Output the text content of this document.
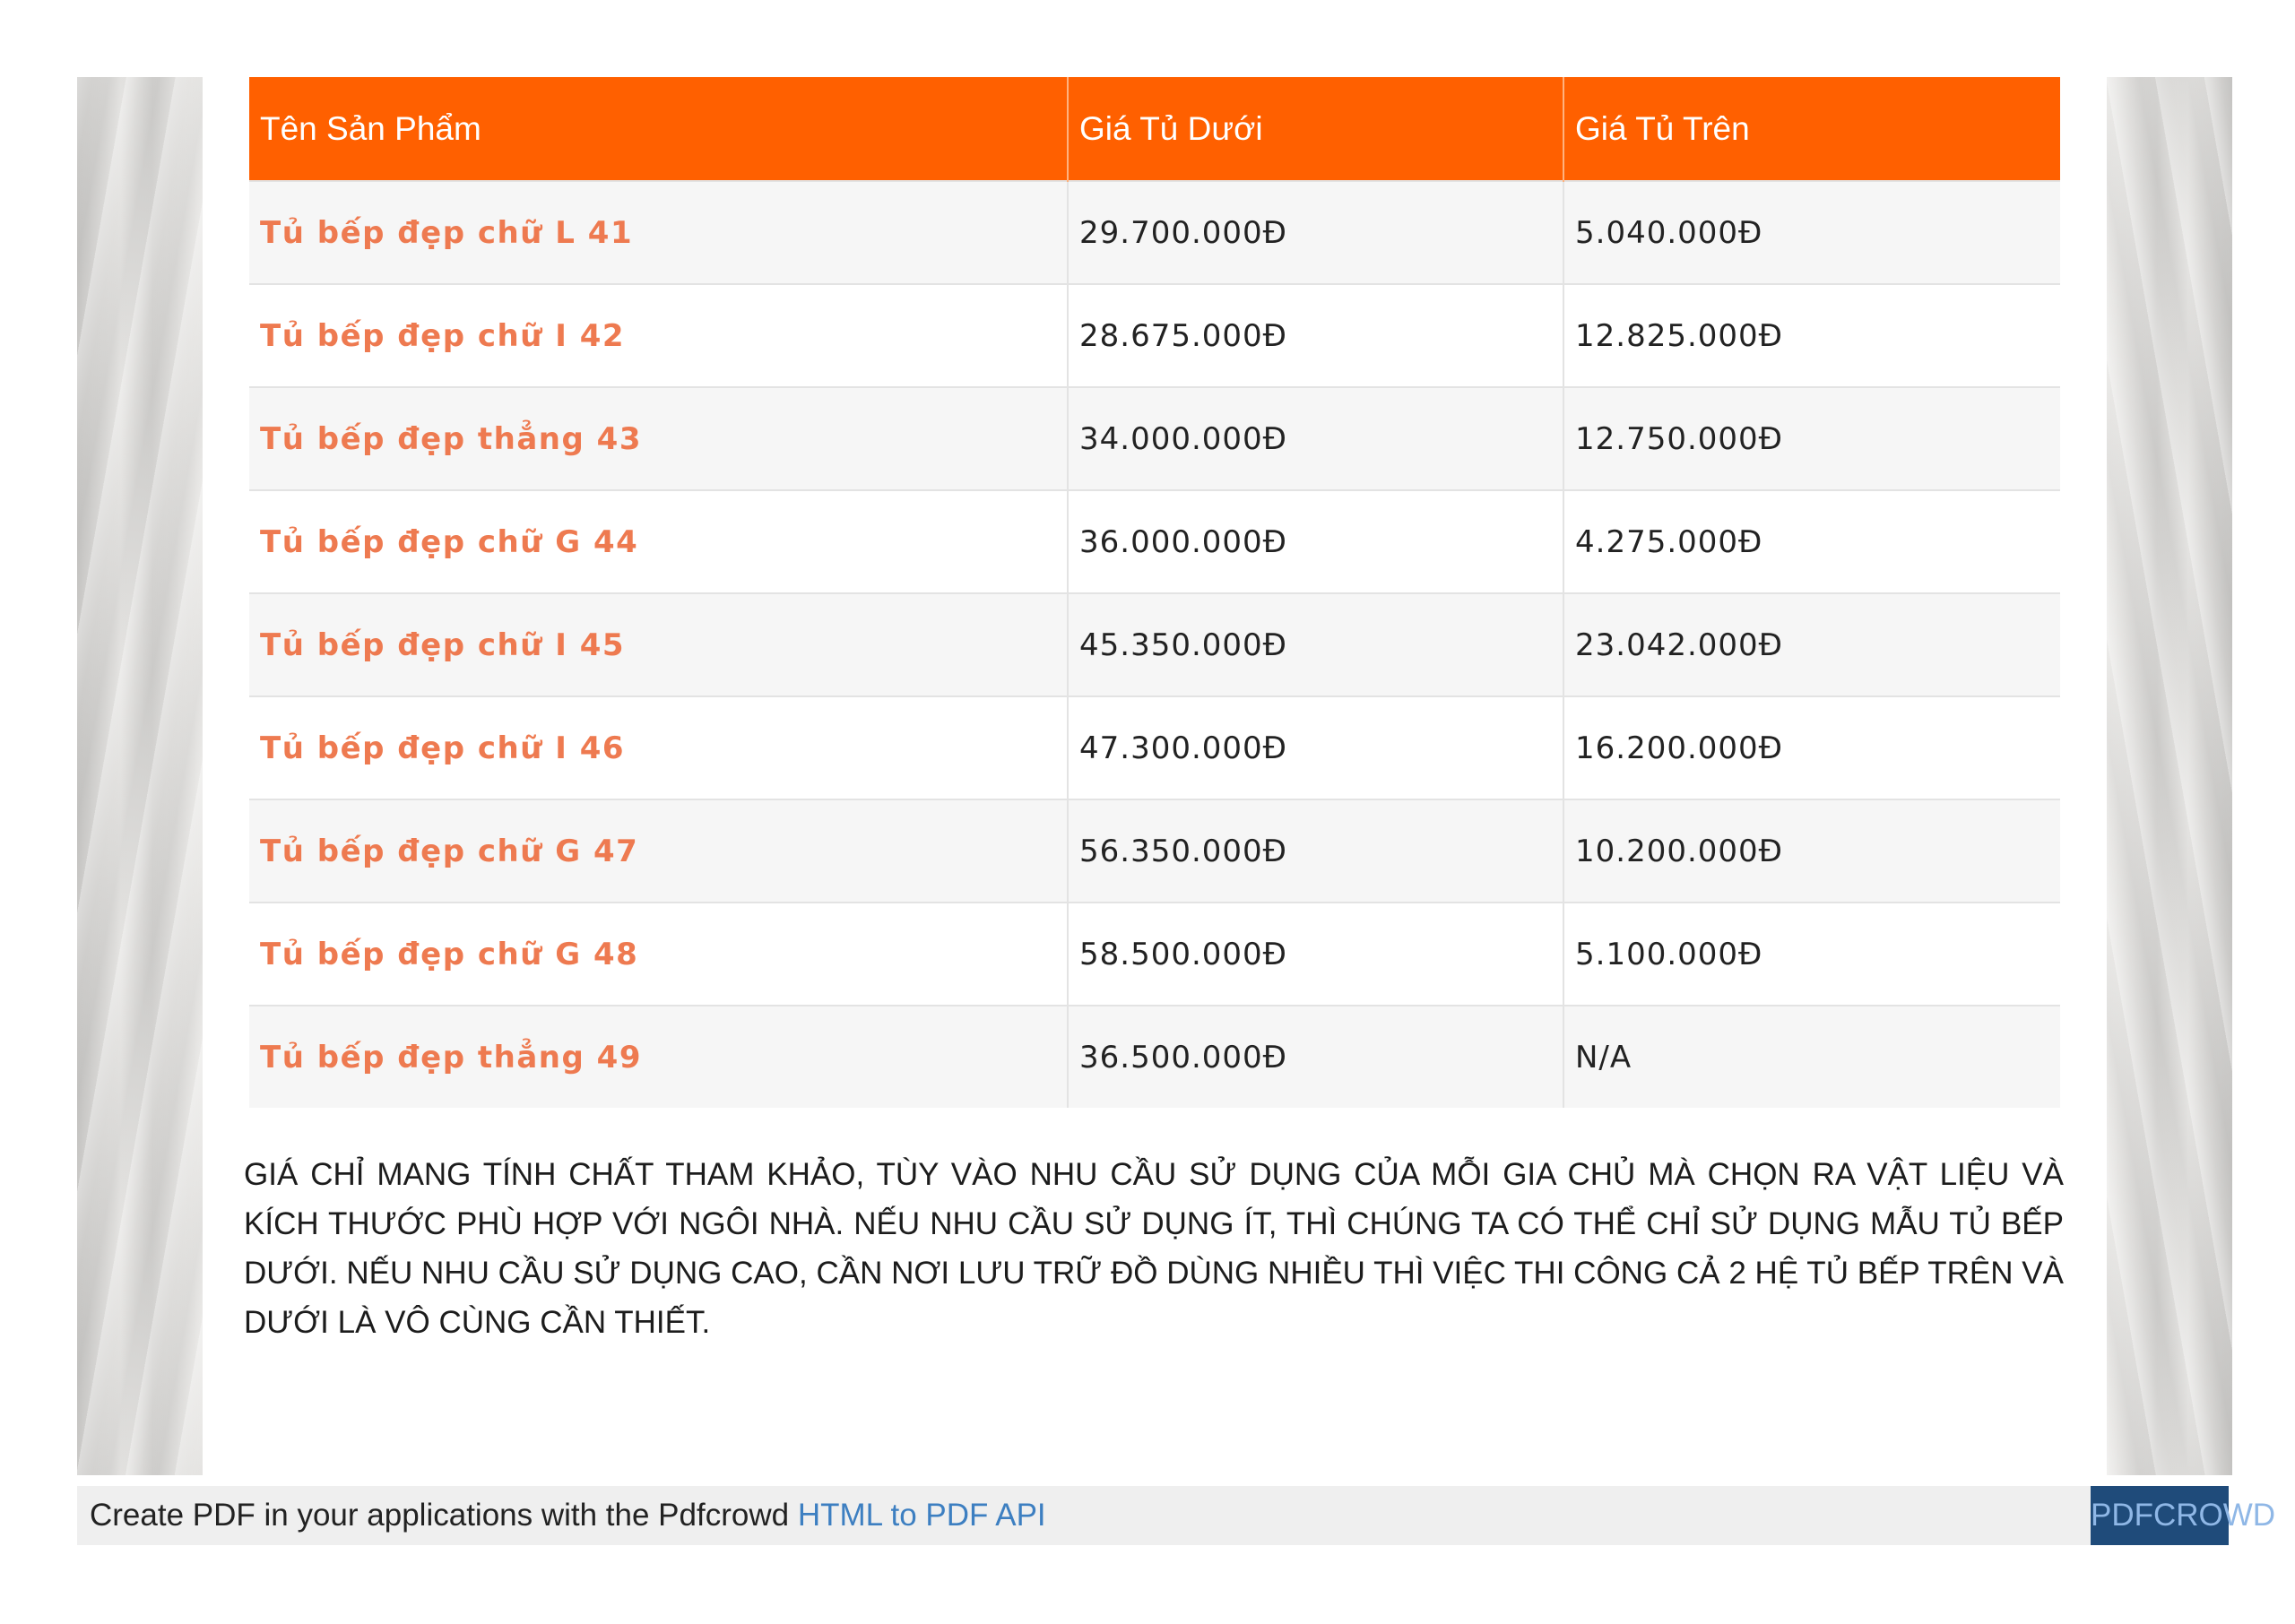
Tên Sản Phẩm	Giá Tủ Dưới	Giá Tủ Trên
Tủ bếp đẹp chữ L 41	29.700.000Đ	5.040.000Đ
Tủ bếp đẹp chữ I 42	28.675.000Đ	12.825.000Đ
Tủ bếp đẹp thẳng 43	34.000.000Đ	12.750.000Đ
Tủ bếp đẹp chữ G 44	36.000.000Đ	4.275.000Đ
Tủ bếp đẹp chữ I 45	45.350.000Đ	23.042.000Đ
Tủ bếp đẹp chữ I 46	47.300.000Đ	16.200.000Đ
Tủ bếp đẹp chữ G 47	56.350.000Đ	10.200.000Đ
Tủ bếp đẹp chữ G 48	58.500.000Đ	5.100.000Đ
Tủ bếp đẹp thẳng 49	36.500.000Đ	N/A

GIÁ CHỈ MANG TÍNH CHẤT THAM KHẢO, TÙY VÀO NHU CẦU SỬ DỤNG CỦA MỖI GIA CHỦ MÀ CHỌN RA VẬT LIỆU VÀ KÍCH THƯỚC PHÙ HỢP VỚI NGÔI NHÀ. NẾU NHU CẦU SỬ DỤNG ÍT, THÌ CHÚNG TA CÓ THỂ CHỈ SỬ DỤNG MẪU TỦ BẾP DƯỚI. NẾU NHU CẦU SỬ DỤNG CAO, CẦN NƠI LƯU TRỮ ĐỒ DÙNG NHIỀU THÌ VIỆC THI CÔNG CẢ 2 HỆ TỦ BẾP TRÊN VÀ DƯỚI LÀ VÔ CÙNG CẦN THIẾT.

Create PDF in your applications with the Pdfcrowd HTML to PDF API	PDFCROWD
